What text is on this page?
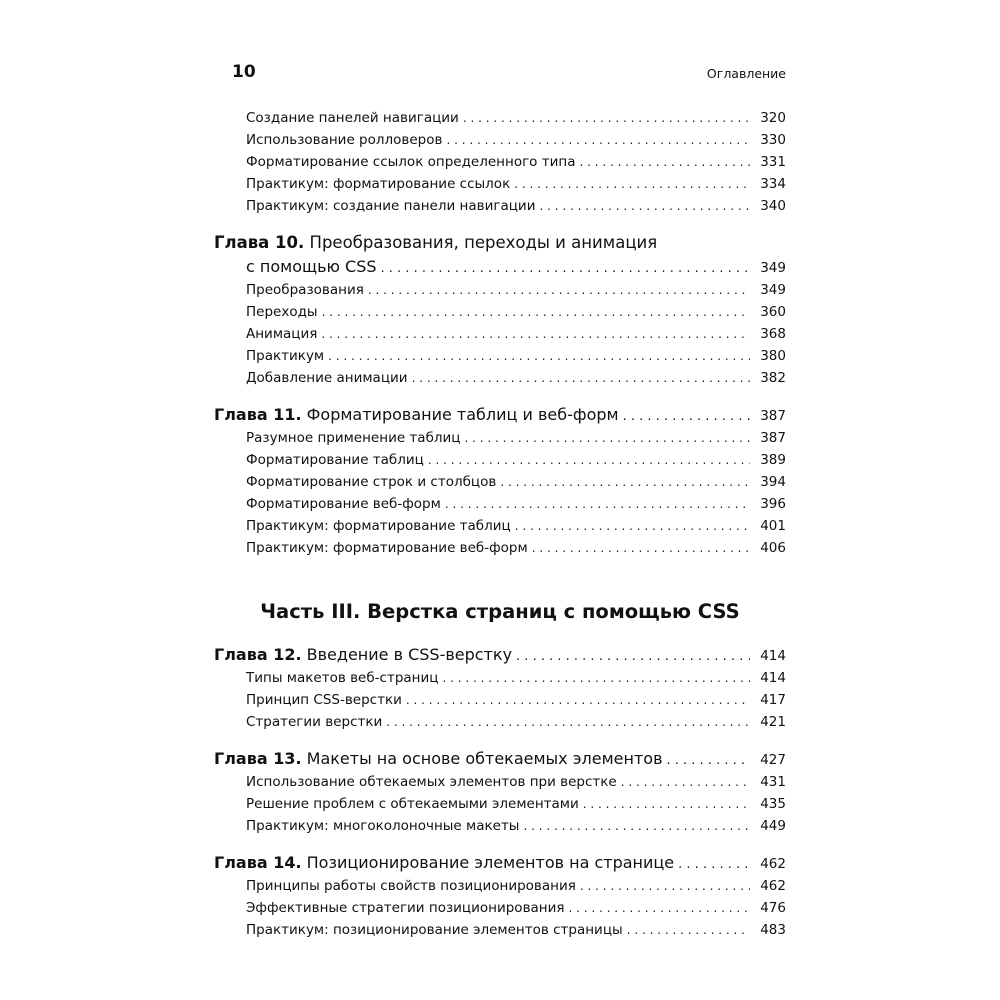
10	Оглавление
Создание панелей навигации . . .	320
Использование ролловеров . . .	330
Форматирование ссылок определенного типа . . .	331
Практикум: форматирование ссылок . . .	334
Практикум: создание панели навигации . . .	340
Глава 10. Преобразования, переходы и анимация
с помощью CSS . . .	349
Преобразования . . .	349
Переходы . . .	360
Анимация . . .	368
Практикум . . .	380
Добавление анимации . . .	382
Глава 11. Форматирование таблиц и веб-форм . . .	387
Разумное применение таблиц . . .	387
Форматирование таблиц . . .	389
Форматирование строк и столбцов . . .	394
Форматирование веб-форм . . .	396
Практикум: форматирование таблиц . . .	401
Практикум: форматирование веб-форм . . .	406
Часть III. Верстка страниц с помощью CSS
Глава 12. Введение в CSS-верстку . . .	414
Типы макетов веб-страниц . . .	414
Принцип CSS-верстки . . .	417
Стратегии верстки . . .	421
Глава 13. Макеты на основе обтекаемых элементов . . .	427
Использование обтекаемых элементов при верстке . . .	431
Решение проблем с обтекаемыми элементами . . .	435
Практикум: многоколоночные макеты . . .	449
Глава 14. Позиционирование элементов на странице . . .	462
Принципы работы свойств позиционирования . . .	462
Эффективные стратегии позиционирования . . .	476
Практикум: позиционирование элементов страницы . . .	483
